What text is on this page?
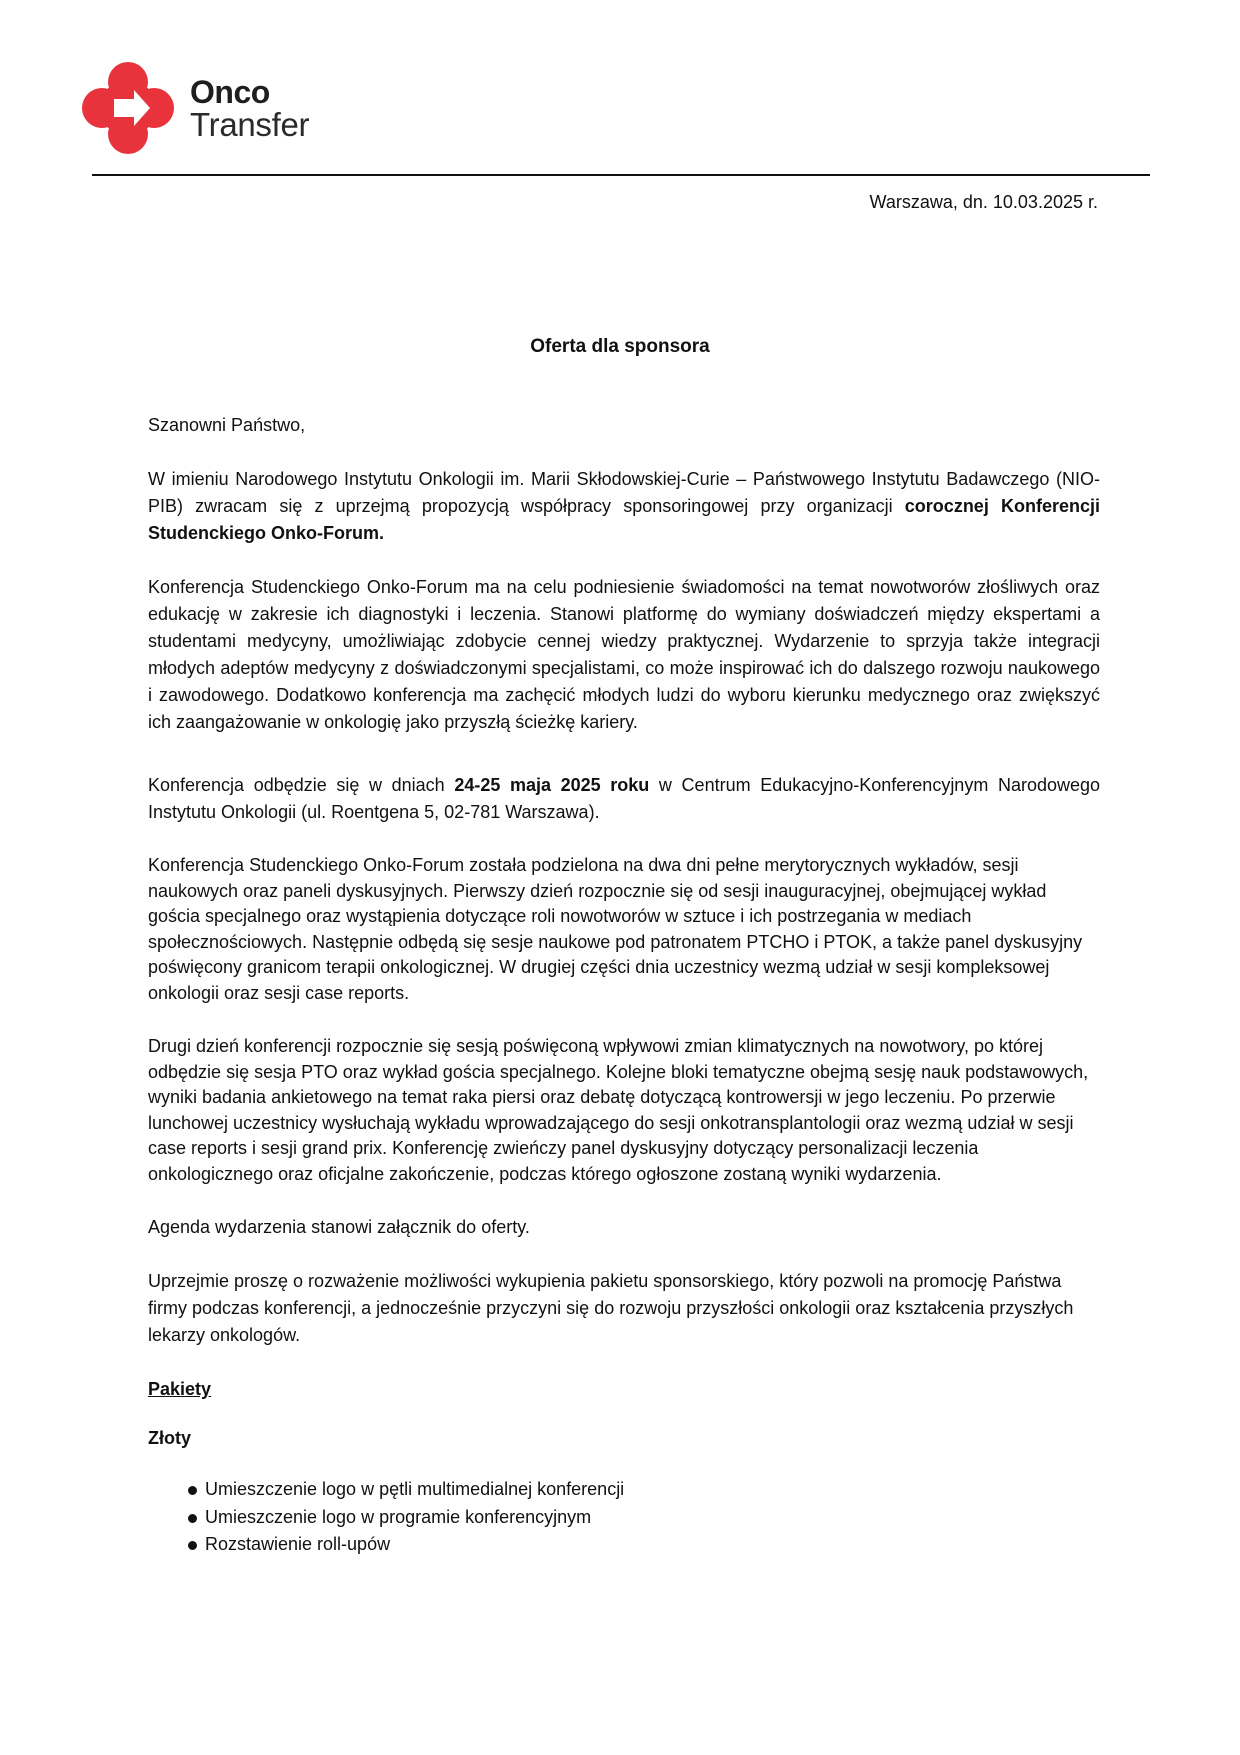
Onco
Transfer
Warszawa, dn. 10.03.2025 r.
Oferta dla sponsora

Szanowni Państwo,

W imieniu Narodowego Instytutu Onkologii im. Marii Skłodowskiej-Curie – Państwowego Instytutu Badawczego (NIO-PIB) zwracam się z uprzejmą propozycją współpracy sponsoringowej przy organizacji corocznej Konferencji Studenckiego Onko-Forum.

Konferencja Studenckiego Onko-Forum ma na celu podniesienie świadomości na temat nowotworów złośliwych oraz edukację w zakresie ich diagnostyki i leczenia. Stanowi platformę do wymiany doświadczeń między ekspertami a studentami medycyny, umożliwiając zdobycie cennej wiedzy praktycznej. Wydarzenie to sprzyja także integracji młodych adeptów medycyny z doświadczonymi specjalistami, co może inspirować ich do dalszego rozwoju naukowego i zawodowego. Dodatkowo konferencja ma zachęcić młodych ludzi do wyboru kierunku medycznego oraz zwiększyć ich zaangażowanie w onkologię jako przyszłą ścieżkę kariery.

Konferencja odbędzie się w dniach 24-25 maja 2025 roku w Centrum Edukacyjno-Konferencyjnym Narodowego Instytutu Onkologii (ul. Roentgena 5, 02-781 Warszawa).

Konferencja Studenckiego Onko-Forum została podzielona na dwa dni pełne merytorycznych wykładów, sesji naukowych oraz paneli dyskusyjnych. Pierwszy dzień rozpocznie się od sesji inauguracyjnej, obejmującej wykład gościa specjalnego oraz wystąpienia dotyczące roli nowotworów w sztuce i ich postrzegania w mediach społecznościowych. Następnie odbędą się sesje naukowe pod patronatem PTCHO i PTOK, a także panel dyskusyjny poświęcony granicom terapii onkologicznej. W drugiej części dnia uczestnicy wezmą udział w sesji kompleksowej onkologii oraz sesji case reports.

Drugi dzień konferencji rozpocznie się sesją poświęconą wpływowi zmian klimatycznych na nowotwory, po której odbędzie się sesja PTO oraz wykład gościa specjalnego. Kolejne bloki tematyczne obejmą sesję nauk podstawowych, wyniki badania ankietowego na temat raka piersi oraz debatę dotyczącą kontrowersji w jego leczeniu. Po przerwie lunchowej uczestnicy wysłuchają wykładu wprowadzającego do sesji onkotransplantologii oraz wezmą udział w sesji case reports i sesji grand prix. Konferencję zwieńczy panel dyskusyjny dotyczący personalizacji leczenia onkologicznego oraz oficjalne zakończenie, podczas którego ogłoszone zostaną wyniki wydarzenia.

Agenda wydarzenia stanowi załącznik do oferty.

Uprzejmie proszę o rozważenie możliwości wykupienia pakietu sponsorskiego, który pozwoli na promocję Państwa firmy podczas konferencji, a jednocześnie przyczyni się do rozwoju przyszłości onkologii oraz kształcenia przyszłych lekarzy onkologów.

Pakiety

Złoty

Umieszczenie logo w pętli multimedialnej konferencji
Umieszczenie logo w programie konferencyjnym
Rozstawienie roll-upów
